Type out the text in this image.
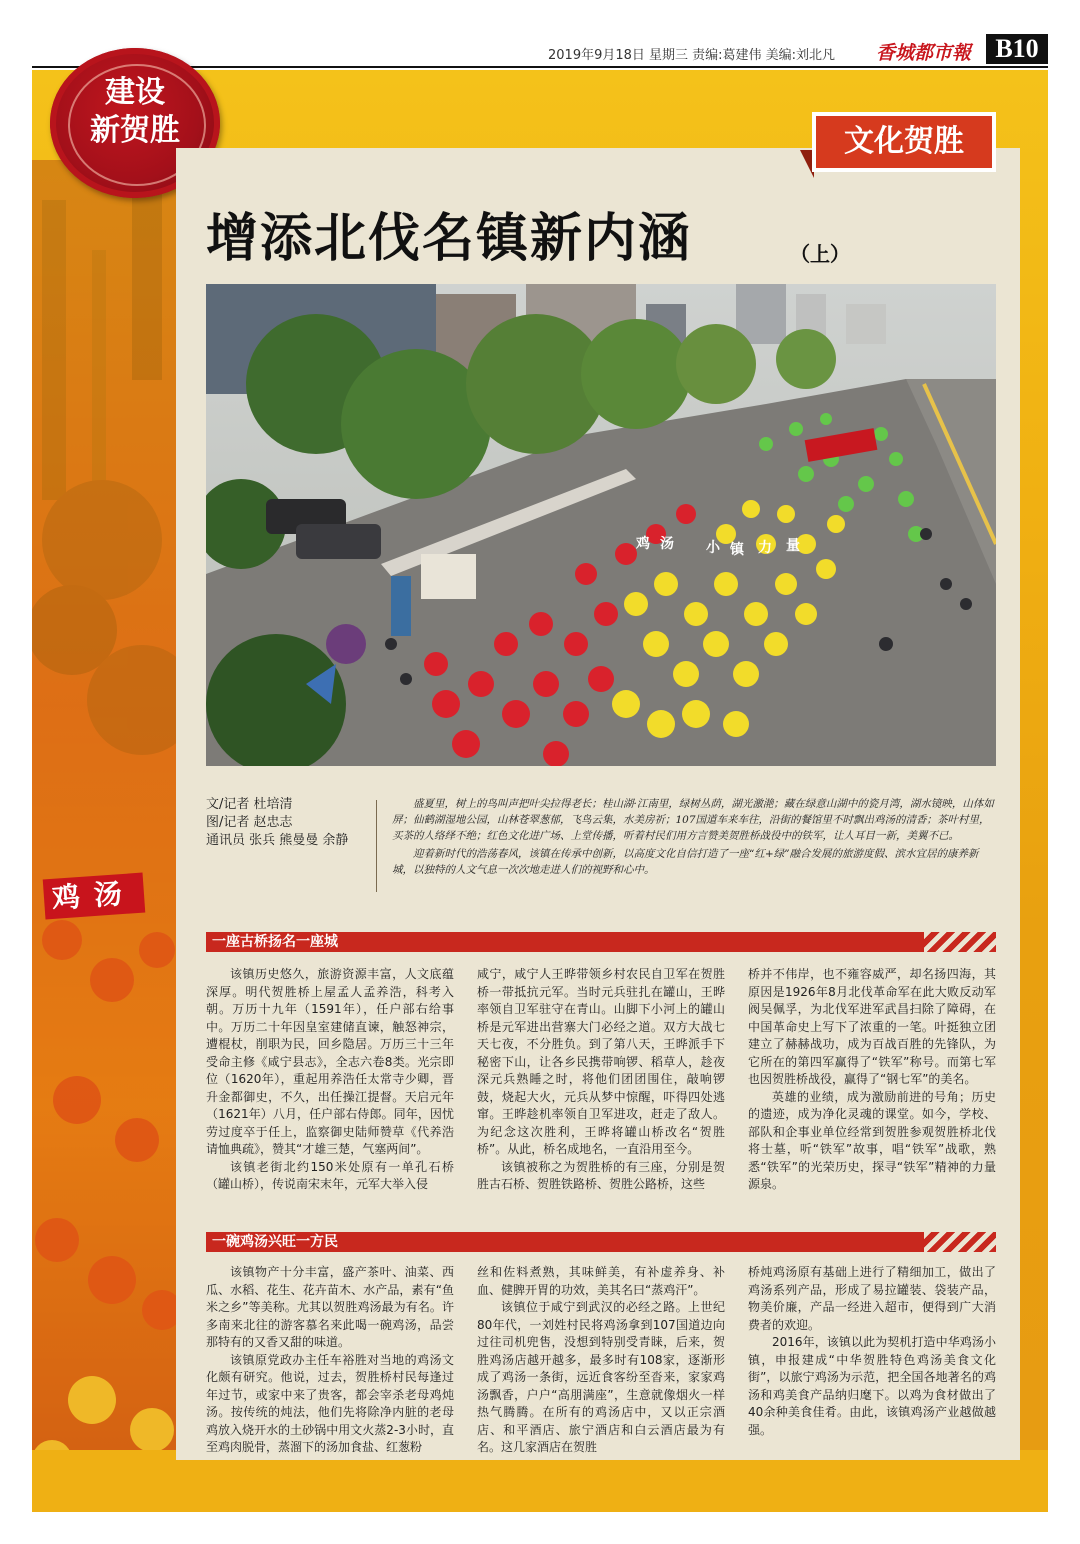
2019年9月18日 星期三 责编:葛建伟 美编:刘北凡 香城都市報 B10
鸡汤
建设
新贺胜	文化贺胜
增添北伐名镇新内涵	（上）
鸡 汤 小 镇 力 量
文/记者 杜培清
图/记者 赵忠志
通讯员 张兵 熊曼曼 余静

盛夏里，树上的鸟叫声把叶尖拉得老长；桂山湖·江南里，绿树丛荫，湖光激滟；藏在绿意山湖中的瓷月湾，湖水镜映，山体如屏；仙鹤湖湿地公园，山林苍翠葱郁，飞鸟云集，水美房祈；107国道车来车往，沿街的餐馆里不时飘出鸡汤的清香；茶叶村里，买茶的人络绎不绝；红色文化进广场、上堂传播，听着村民们用方言赞美贺胜桥战役中的铁军，让人耳目一新，美翼不已。

迎着新时代的浩荡春风，该镇在传承中创新，以高度文化自信打造了一座“红+绿”融合发展的旅游度假、滨水宜居的康养新城，以独特的人文气息一次次地走进人们的视野和心中。

一座古桥扬名一座城

该镇历史悠久，旅游资源丰富，人文底蕴深厚。明代贺胜桥上屋孟人孟养浩，科考入朝。万历十九年（1591年），任户部右给事中。万历二十年因皇室建储直谏，触怒神宗，遭棍杖，削职为民，回乡隐居。万历三十三年受命主修《咸宁县志》，全志六卷8类。光宗即位（1620年），重起用养浩任太常寺少卿，晋升金都御史，不久，出任操江提督。天启元年（1621年）八月，任户部右侍郎。同年，因忧劳过度卒于任上，监察御史陆师赞草《代养浩请恤典疏》，赞其“才雄三楚，气塞两间”。

该镇老街北约150米处原有一单孔石桥（罐山桥），传说南宋末年，元军大举入侵

咸宁，咸宁人王晔带领乡村农民自卫军在贺胜桥一带抵抗元军。当时元兵驻扎在罐山，王晔率领自卫军驻守在青山。山脚下小河上的罐山桥是元军进出营寨大门必经之道。双方大战七天七夜，不分胜负。到了第八天，王晔派手下秘密下山，让各乡民携带响锣、稻草人，趁夜深元兵熟睡之时，将他们团团围住，敲响锣鼓，烧起大火，元兵从梦中惊醒，吓得四处逃窜。王晔趁机率领自卫军进攻，赶走了敌人。为纪念这次胜利，王晔将罐山桥改名“贺胜桥”。从此，桥名成地名，一直沿用至今。

该镇被称之为贺胜桥的有三座，分别是贺胜古石桥、贺胜铁路桥、贺胜公路桥，这些

桥并不伟岸，也不雍容威严，却名扬四海，其原因是1926年8月北伐革命军在此大败反动军阀吴佩孚，为北伐军进军武昌扫除了障碍，在中国革命史上写下了浓重的一笔。叶挺独立团建立了赫赫战功，成为百战百胜的先锋队，为它所在的第四军赢得了“铁军”称号。而第七军也因贺胜桥战役，赢得了“钢七军”的美名。

英雄的业绩，成为激励前进的号角；历史的遗迹，成为净化灵魂的课堂。如今，学校、部队和企事业单位经常到贺胜参观贺胜桥北伐将士墓，听“铁军”故事，唱“铁军”战歌，熟悉“铁军”的光荣历史，探寻“铁军”精神的力量源泉。

一碗鸡汤兴旺一方民

该镇物产十分丰富，盛产茶叶、油菜、西瓜、水稻、花生、花卉苗木、水产品，素有“鱼米之乡”等美称。尤其以贺胜鸡汤最为有名。许多南来北往的游客慕名来此喝一碗鸡汤，品尝那特有的又香又甜的味道。

该镇原党政办主任车裕胜对当地的鸡汤文化颇有研究。他说，过去，贺胜桥村民每逢过年过节，或家中来了贵客，都会宰杀老母鸡炖汤。按传统的炖法，他们先将除净内脏的老母鸡放入烧开水的土砂锅中用文火蒸2-3小时，直至鸡肉脱骨，蒸溜下的汤加食盐、红葱粉

丝和佐料煮熟，其味鲜美，有补虚养身、补血、健脾开胃的功效，美其名曰“蒸鸡汗”。

该镇位于咸宁到武汉的必经之路。上世纪80年代，一刘姓村民将鸡汤拿到107国道边向过往司机兜售，没想到特别受青睐，后来，贺胜鸡汤店越开越多，最多时有108家，逐渐形成了鸡汤一条街，远近食客纷至沓来，家家鸡汤飘香，户户“高朋满座”，生意就像烟火一样热气腾腾。在所有的鸡汤店中，又以正宗酒店、和平酒店、旅宁酒店和白云酒店最为有名。这几家酒店在贺胜

桥炖鸡汤原有基础上进行了精细加工，做出了鸡汤系列产品，形成了易拉罐装、袋装产品，物美价廉，产品一经进入超市，便得到广大消费者的欢迎。

2016年，该镇以此为契机打造中华鸡汤小镇，申报建成“中华贺胜特色鸡汤美食文化街”，以旅宁鸡汤为示范，把全国各地著名的鸡汤和鸡美食产品纳归麾下。以鸡为食材做出了40余种美食佳肴。由此，该镇鸡汤产业越做越强。
